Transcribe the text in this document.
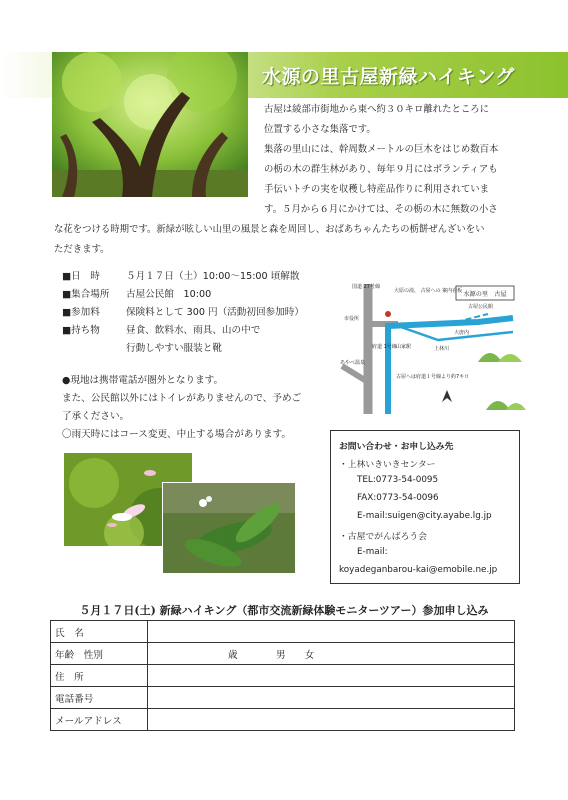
水源の里古屋新緑ハイキング
古屋は綾部市街地から東へ約３０キロ離れたところに
位置する小さな集落です。
集落の里山には、幹周数メートルの巨木をはじめ数百本
の栃の木の群生林があり、毎年９月にはボランティアも
手伝いトチの実を収穫し特産品作りに利用されていま
す。５月から６月にかけては、その栃の木に無数の小さ
な花をつける時期です。新緑が眩しい山里の風景と森を周回し、おばあちゃんたちの栃餅ぜんざいをい
ただきます。
■日　時	５月１７日（土）10:00～15:00 頃解散
■集合場所 古屋公民館　10:00
■参加料	保険料として 300 円（活動初回参加時）
■持ち物	昼食、飲料水、雨具、山の中で
行動しやすい服装と靴
●現地は携帯電話が圏外となります。
また、公民館以外にはトイレがありませんので、予めご
了承ください。
〇雨天時にはコース変更、中止する場合があります。
水源の里　古屋
古屋公民館
大原の滝、 古屋への 案内看板
大唐内
国道 27号線
市役所
府道 1号線 山家駅	上林川
あやべ温泉
古屋へは府道１号線より約7キロ
お問い合わせ・お申し込み先
・上林いきいきセンター
TEL:0773-54-0095
FAX:0773-54-0096
E-mail:suigen@city.ayabe.lg.jp
・古屋でがんばろう会
E-mail:
koyadeganbarou-kai@emobile.ne.jp
５月１７日(土) 新緑ハイキング（都市交流新緑体験モニターツアー）参加申し込み
氏　名	
年齢　性別	歳　　　　男　　女
住　所	
電話番号	
メールアドレス	
